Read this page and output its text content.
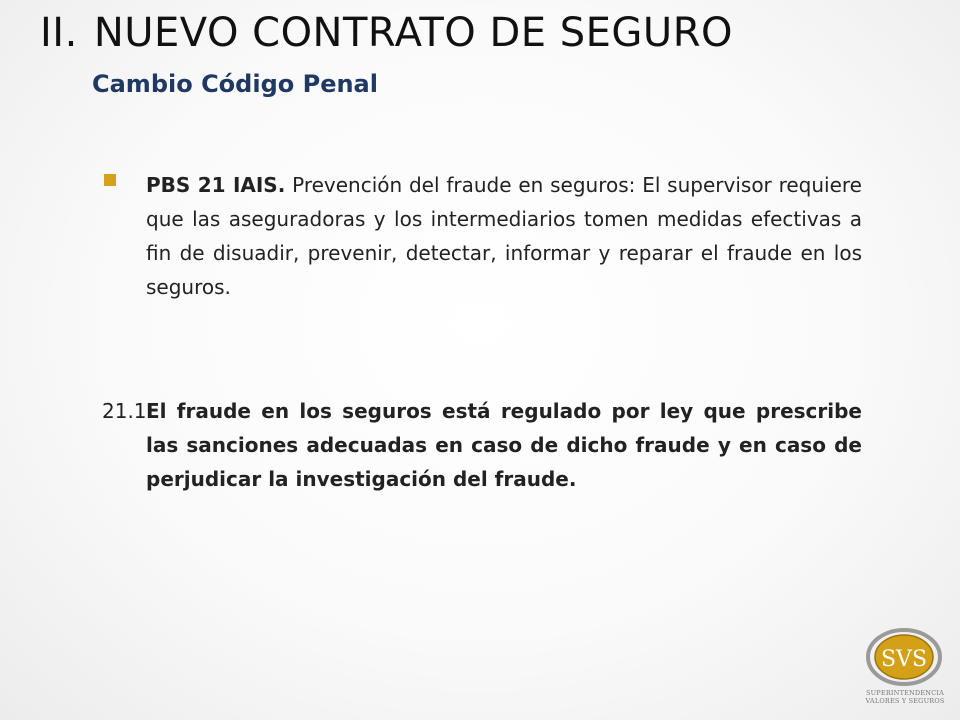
II. NUEVO CONTRATO DE SEGURO
Cambio Código Penal
PBS 21 IAIS. Prevención del fraude en seguros: El supervisor requiere que las aseguradoras y los intermediarios tomen medidas efectivas a fin de disuadir, prevenir, detectar, informar y reparar el fraude en los seguros.
21.1 El fraude en los seguros está regulado por ley que prescribe las sanciones adecuadas en caso de dicho fraude y en caso de perjudicar la investigación del fraude.
SVS
SUPERINTENDENCIA
VALORES Y SEGUROS
